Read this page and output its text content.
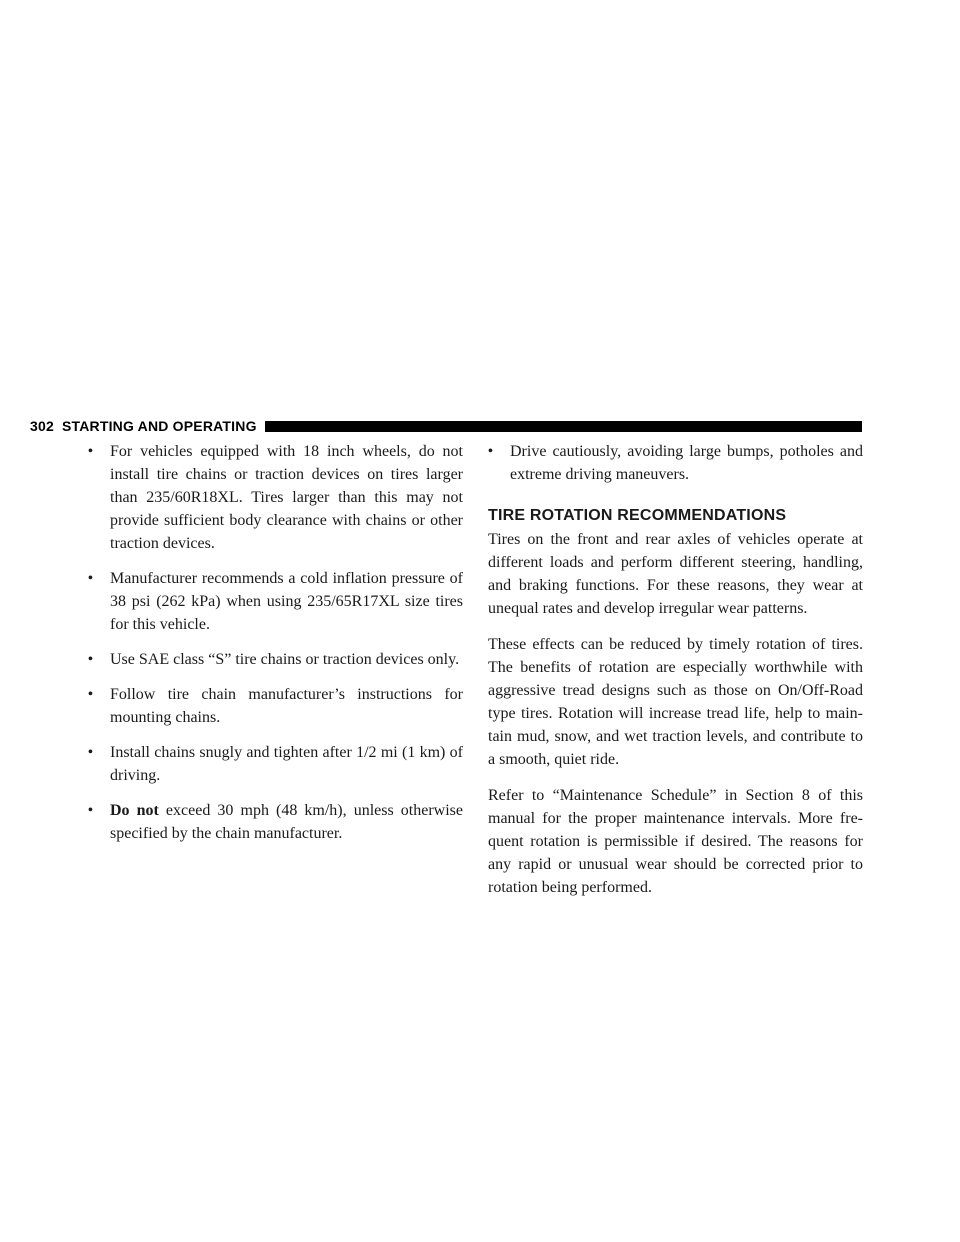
302 STARTING AND OPERATING
• For vehicles equipped with 18 inch wheels, do not install tire chains or traction devices on tires larger than 235/60R18XL. Tires larger than this may not provide sufficient body clearance with chains or other traction devices.
• Manufacturer recommends a cold inflation pressure of 38 psi (262 kPa) when using 235/65R17XL size tires for this vehicle.
• Use SAE class “S” tire chains or traction devices only.
• Follow tire chain manufacturer’s instructions for mounting chains.
• Install chains snugly and tighten after 1/2 mi (1 km) of driving.
• Do not exceed 30 mph (48 km/h), unless otherwise specified by the chain manufacturer.
• Drive cautiously, avoiding large bumps, potholes and extreme driving maneuvers.
TIRE ROTATION RECOMMENDATIONS

Tires on the front and rear axles of vehicles operate at different loads and perform different steering, handling, and braking functions. For these reasons, they wear at unequal rates and develop irregular wear patterns.

These effects can be reduced by timely rotation of tires. The benefits of rotation are especially worthwhile with aggressive tread designs such as those on On/Off-Road type tires. Rotation will increase tread life, help to main-tain mud, snow, and wet traction levels, and contribute to a smooth, quiet ride.

Refer to “Maintenance Schedule” in Section 8 of this manual for the proper maintenance intervals. More fre-quent rotation is permissible if desired. The reasons for any rapid or unusual wear should be corrected prior to rotation being performed.
